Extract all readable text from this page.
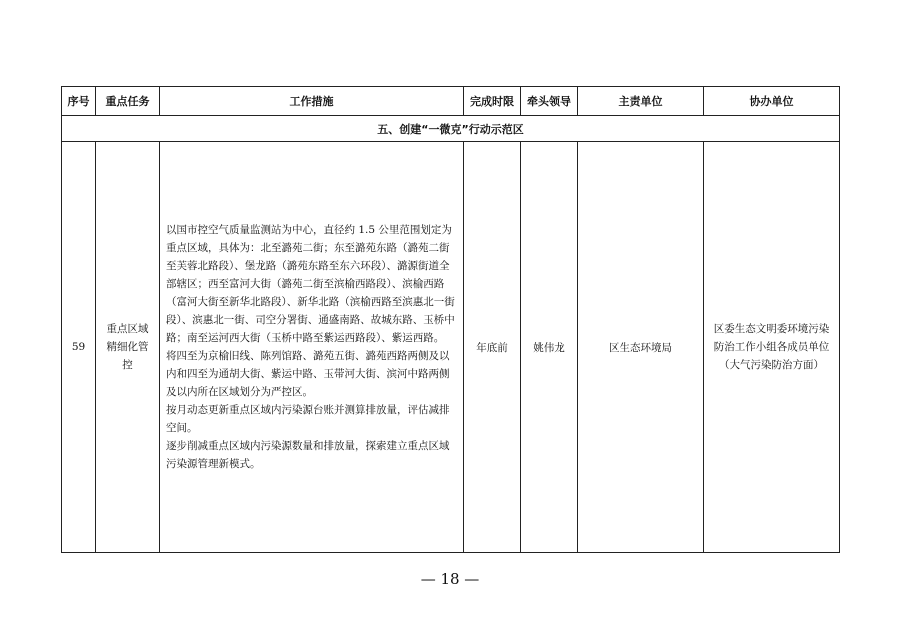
序号	重点任务	工作措施	完成时限	牵头领导	主责单位	协办单位
五、创建“一微克”行动示范区						
59	重点区域精细化管控	以国市控空气质量监测站为中心，直径约 1.5 公里范围划定为重点区域，具体为：北至潞苑二街；东至潞苑东路（潞苑二街至芙蓉北路段）、堡龙路（潞苑东路至东六环段）、潞源街道全部辖区；西至富河大街（潞苑二街至滨榆西路段）、滨榆西路（富河大街至新华北路段）、新华北路（滨榆西路至滨惠北一街段）、滨惠北一街、司空分署街、通盛南路、故城东路、玉桥中路；南至运河西大街（玉桥中路至紫运西路段）、紫运西路。

将四至为京榆旧线、陈列馆路、潞苑五街、潞苑西路两侧及以内和四至为通胡大街、紫运中路、玉带河大街、滨河中路两侧及以内所在区域划分为严控区。

按月动态更新重点区域内污染源台账并测算排放量，评估减排空间。

逐步削减重点区域内污染源数量和排放量，探索建立重点区域污染源管理新模式。	年底前	姚伟龙	区生态环境局	区委生态文明委环境污染防治工作小组各成员单位（大气污染防治方面）
— 18 —
